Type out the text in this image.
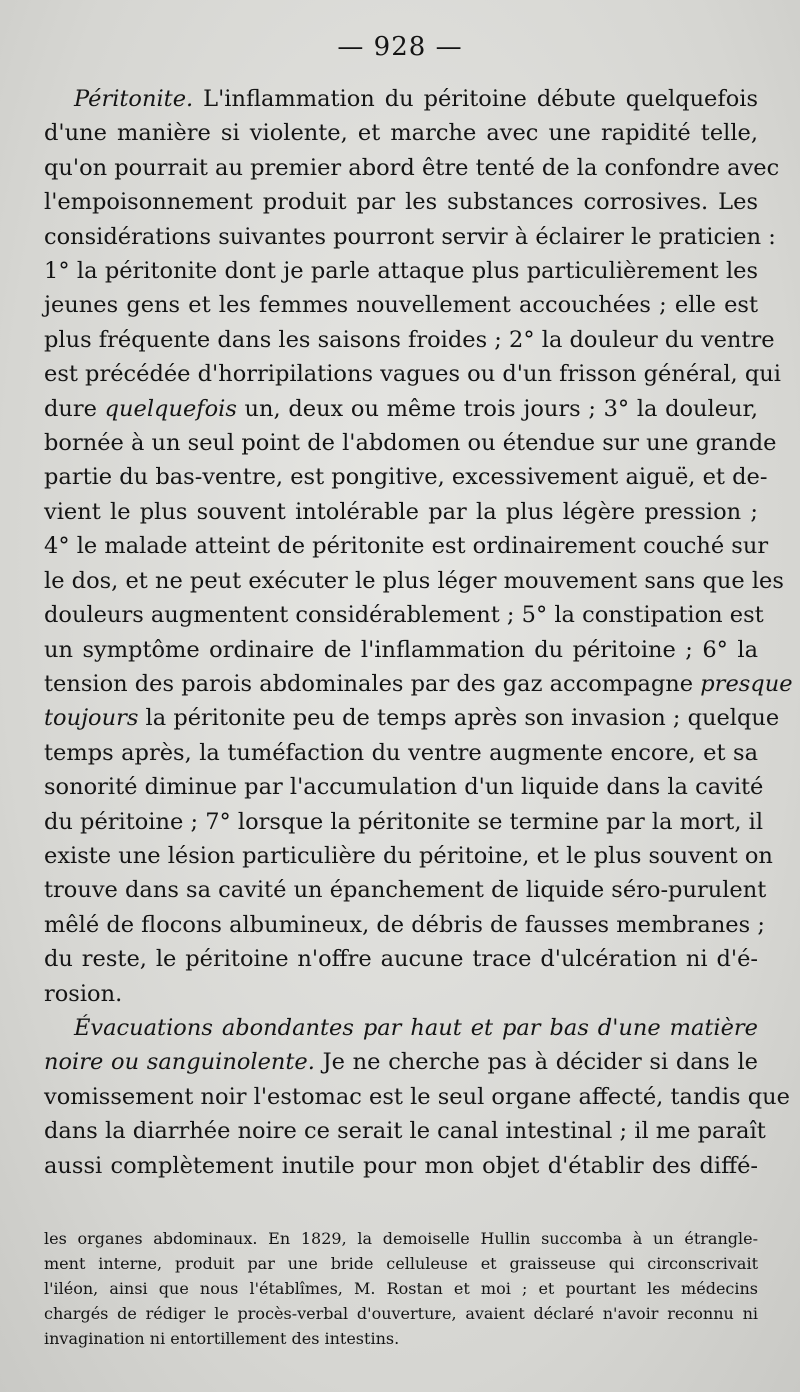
— 928 —
Péritonite. L'inflammation du péritoine débute quelquefois
d'une manière si violente, et marche avec une rapidité telle,
qu'on pourrait au premier abord être tenté de la confondre avec
l'empoisonnement produit par les substances corrosives. Les
considérations suivantes pourront servir à éclairer le praticien :
1° la péritonite dont je parle attaque plus particulièrement les
jeunes gens et les femmes nouvellement accouchées ; elle est
plus fréquente dans les saisons froides ; 2° la douleur du ventre
est précédée d'horripilations vagues ou d'un frisson général, qui
dure quelquefois un, deux ou même trois jours ; 3° la douleur,
bornée à un seul point de l'abdomen ou étendue sur une grande
partie du bas-ventre, est pongitive, excessivement aiguë, et de-
vient le plus souvent intolérable par la plus légère pression ;
4° le malade atteint de péritonite est ordinairement couché sur
le dos, et ne peut exécuter le plus léger mouvement sans que les
douleurs augmentent considérablement ; 5° la constipation est
un symptôme ordinaire de l'inflammation du péritoine ; 6° la
tension des parois abdominales par des gaz accompagne presque
toujours la péritonite peu de temps après son invasion ; quelque
temps après, la tuméfaction du ventre augmente encore, et sa
sonorité diminue par l'accumulation d'un liquide dans la cavité
du péritoine ; 7° lorsque la péritonite se termine par la mort, il
existe une lésion particulière du péritoine, et le plus souvent on
trouve dans sa cavité un épanchement de liquide séro-purulent
mêlé de flocons albumineux, de débris de fausses membranes ;
du reste, le péritoine n'offre aucune trace d'ulcération ni d'é-
rosion.
Évacuations abondantes par haut et par bas d'une matière
noire ou sanguinolente. Je ne cherche pas à décider si dans le
vomissement noir l'estomac est le seul organe affecté, tandis que
dans la diarrhée noire ce serait le canal intestinal ; il me paraît
aussi complètement inutile pour mon objet d'établir des diffé-
les organes abdominaux. En 1829, la demoiselle Hullin succomba à un étrangle-
ment interne, produit par une bride celluleuse et graisseuse qui circonscrivait
l'iléon, ainsi que nous l'établîmes, M. Rostan et moi ; et pourtant les médecins
chargés de rédiger le procès-verbal d'ouverture, avaient déclaré n'avoir reconnu ni
invagination ni entortillement des intestins.
